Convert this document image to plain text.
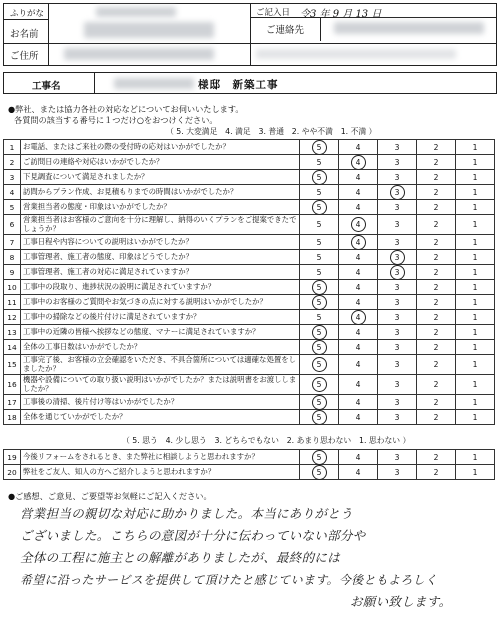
ふりがな
お名前
ご住所
ご記入日 令3 年 9 月 13 日
ご連絡先
工事名	様邸　新築工事
●弊社、または協力各社の対応などについてお伺いいたします。
各質問の該当する番号に１つだけ○をおつけください。
（ 5. 大変満足　4. 満足　3. 普通　2. やや不満　1. 不満 ）
1	お電話、またはご来社の際の受付時の応対はいかがでしたか？	5	4	3	2	1
2	ご訪問日の連絡や対応はいかがでしたか？	5	4	3	2	1
3	下見調査について満足されましたか？	5	4	3	2	1
4	訪問からプラン作成、お見積もりまでの時間はいかがでしたか？	5	4	3	2	1
5	営業担当者の態度・印象はいかがでしたか？	5	4	3	2	1
6	営業担当者はお客様のご意向を十分に理解し、納得のいくプランをご提案できたでしょうか？	5	4	3	2	1
7	工事日程や内容についての説明はいかがでしたか？	5	4	3	2	1
8	工事管理者、施工者の態度、印象はどうでしたか？	5	4	3	2	1
9	工事管理者、施工者の対応に満足されていますか？	5	4	3	2	1
10	工事中の段取り、進捗状況の説明に満足されていますか？	5	4	3	2	1
11	工事中のお客様のご質問やお気づきの点に対する説明はいかがでしたか？	5	4	3	2	1
12	工事中の掃除などの後片付けに満足されていますか？	5	4	3	2	1
13	工事中の近隣の皆様へ挨拶などの態度、マナーに満足されていますか？	5	4	3	2	1
14	全体の工事日数はいかがでしたか？	5	4	3	2	1
15	工事完了後、お客様の立会確認をいただき、不具合箇所については適確な処置をしましたか？	5	4	3	2	1
16	機器や設備についての取り扱い説明はいかがでしたか？または説明書をお渡ししましたか？	5	4	3	2	1
17	工事後の清掃、後片付け等はいかがでしたか？	5	4	3	2	1
18	全体を通じていかがでしたか？	5	4	3	2	1
（ 5. 思う　4. 少し思う　3. どちらでもない　2. あまり思わない　1. 思わない ）
19	今後リフォームをされるとき、また弊社に相談しようと思われますか？	5	4	3	2	1
20	弊社をご友人、知人の方へご紹介しようと思われますか？	5	4	3	2	1
●ご感想、ご意見、ご要望等お気軽にご記入ください。
営業担当の親切な対応に助かりました。本当にありがとう
ございました。こちらの意図が十分に伝わっていない部分や
全体の工程に施主との解離がありましたが、最終的には
希望に沿ったサービスを提供して頂けたと感じています。今後ともよろしく
お願い致します。
